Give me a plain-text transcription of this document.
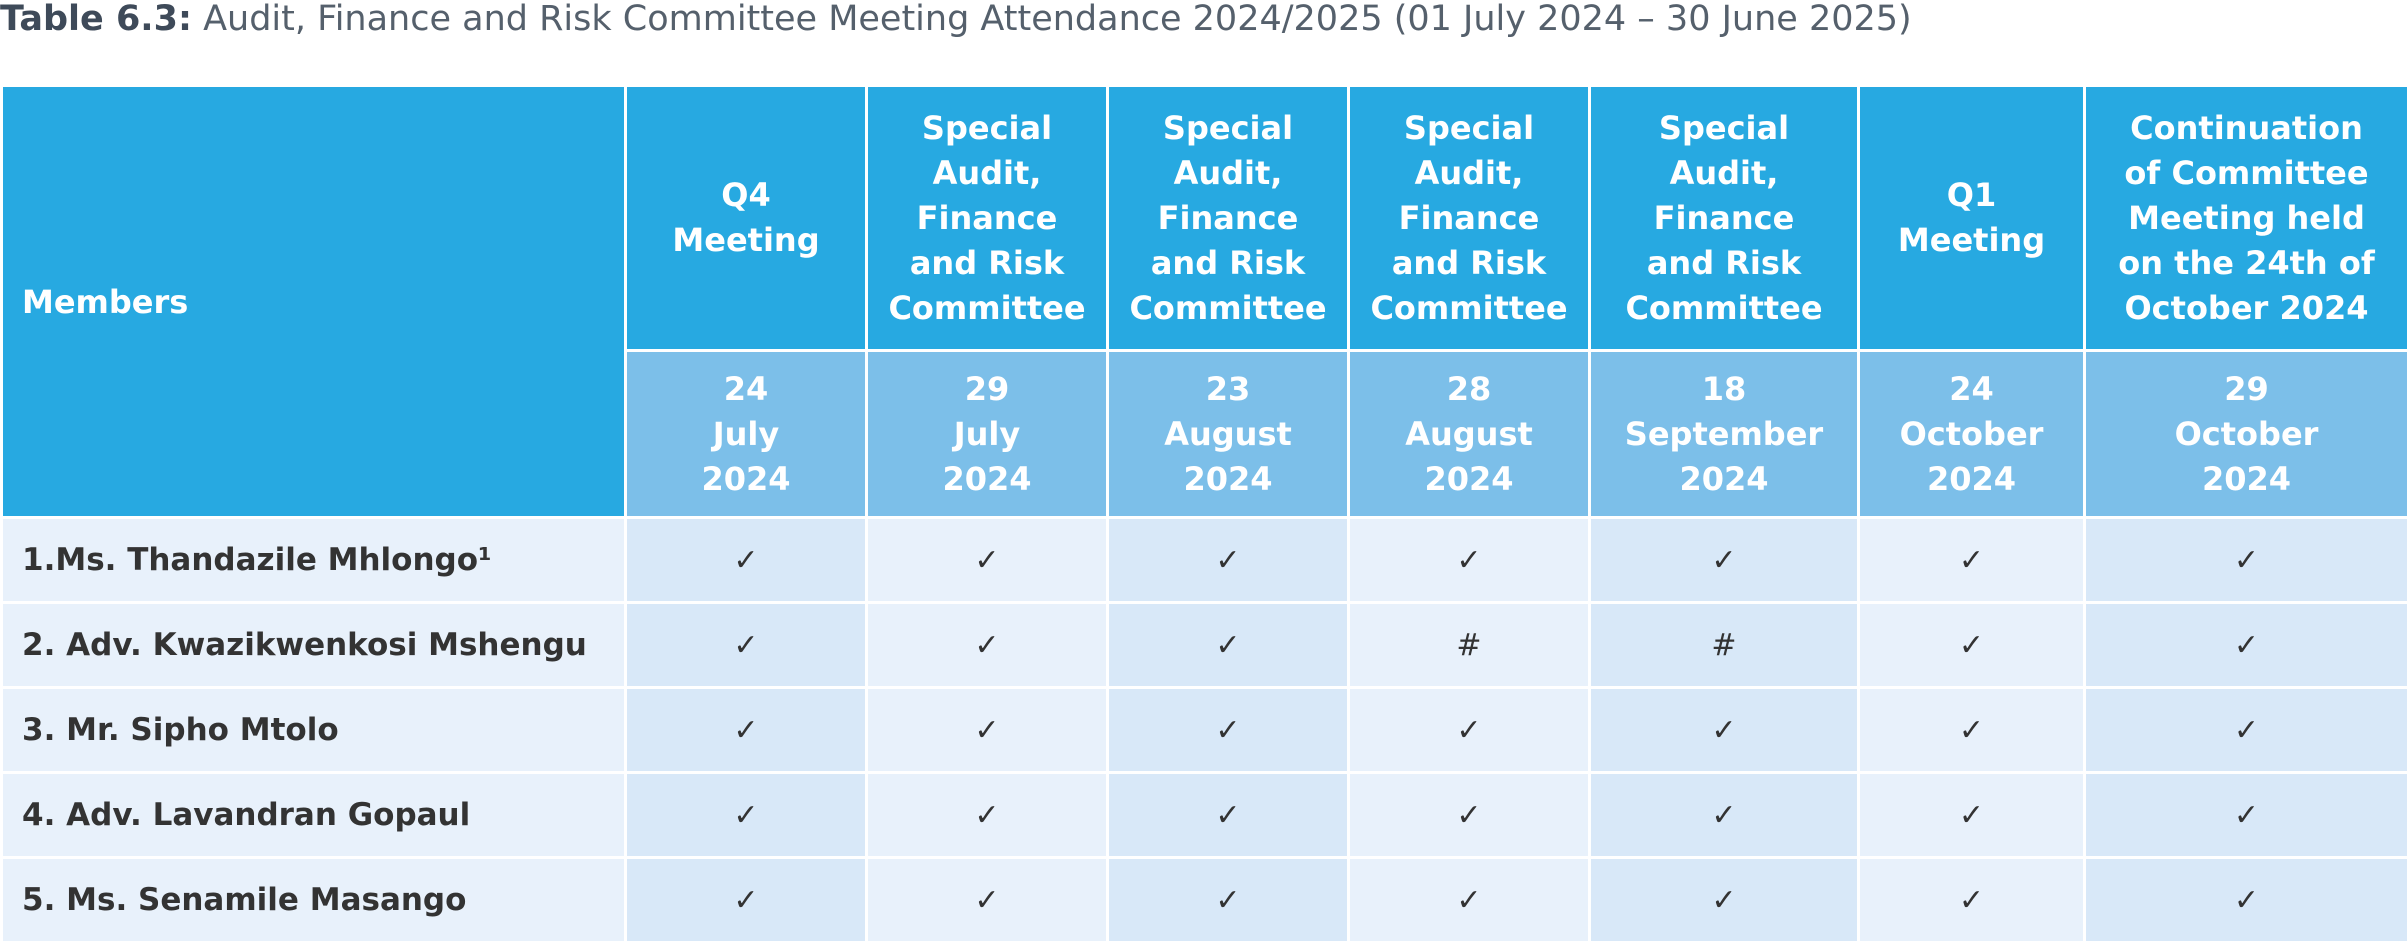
Table 6.3: Audit, Finance and Risk Committee Meeting Attendance 2024/2025 (01 July 2024 – 30 June 2025)
Members	Q4
Meeting	Special
Audit,
Finance
and Risk
Committee	Special
Audit,
Finance
and Risk
Committee	Special
Audit,
Finance
and Risk
Committee	Special Audit,
Finance
and Risk
Committee	Q1
Meeting	Continuation
of Committee
Meeting held
on the 24th of
October 2024

	24
July
2024	29
July
2024	23
August
2024	28
August
2024	18
September
2024	24
October
2024	29
October
2024

1.Ms. Thandazile Mhlongo¹	✓	✓	✓	✓	✓	✓	✓
2. Adv. Kwazikwenkosi Mshengu	✓	✓	✓	#	#	✓	✓
3. Mr. Sipho Mtolo	✓	✓	✓	✓	✓	✓	✓
4. Adv. Lavandran Gopaul	✓	✓	✓	✓	✓	✓	✓
5. Ms. Senamile Masango	✓	✓	✓	✓	✓	✓	✓
